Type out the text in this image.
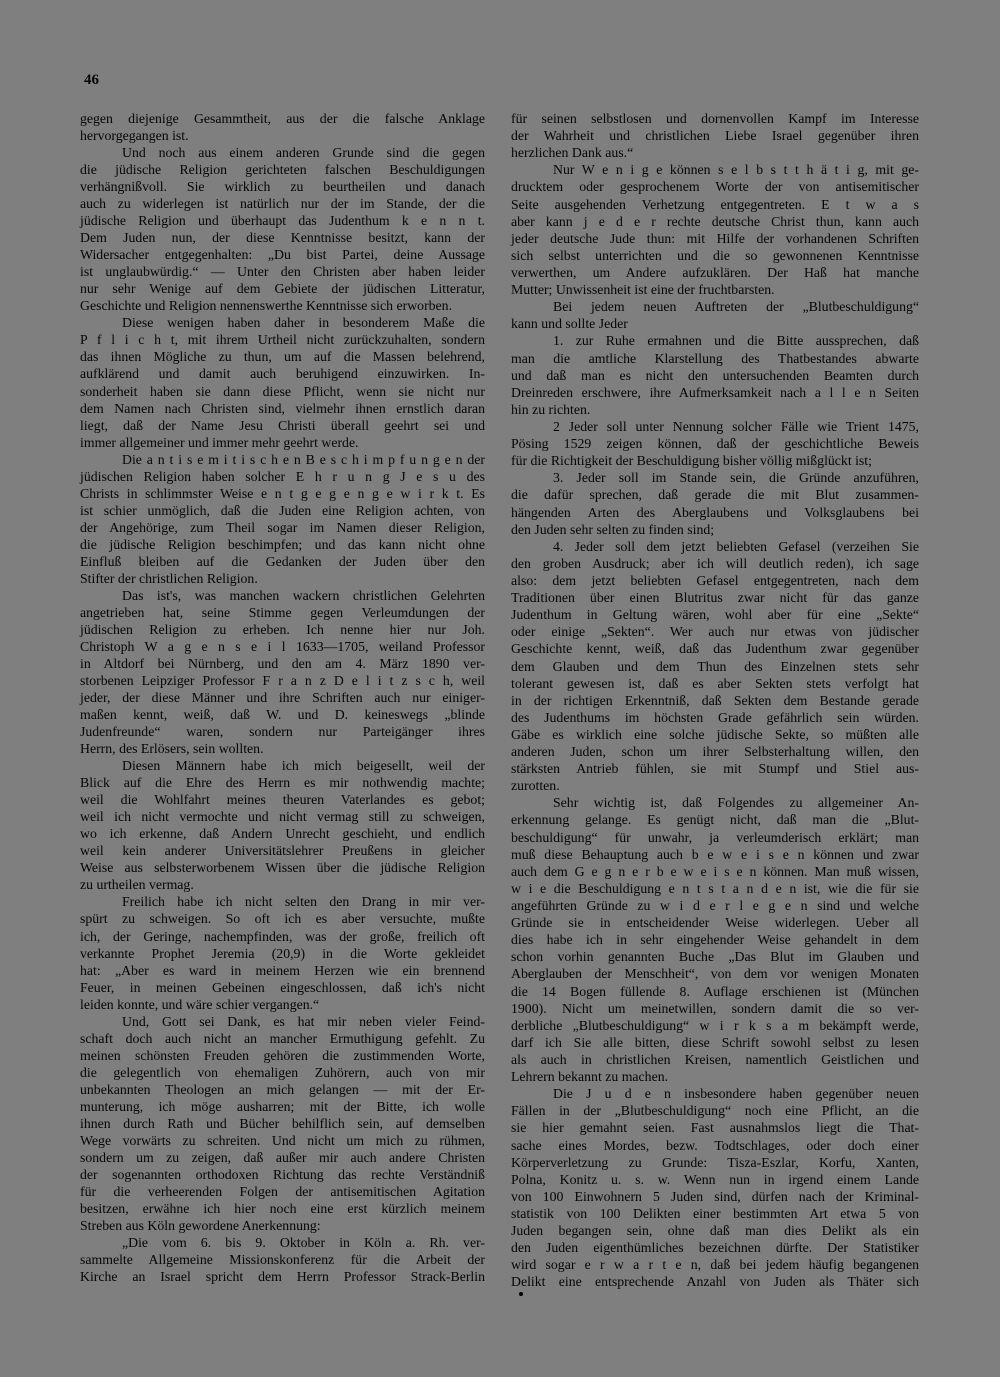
46
gegen diejenige Gesammtheit, aus der die falsche Anklage
hervorgegangen ist.
Und noch aus einem anderen Grunde sind die gegen
die jüdische Religion gerichteten falschen Beschuldigungen
verhängnißvoll. Sie wirklich zu beurtheilen und danach
auch zu widerlegen ist natürlich nur der im Stande, der die
jüdische Religion und überhaupt das Judenthum k e n n t.
Dem Juden nun, der diese Kenntnisse besitzt, kann der
Widersacher entgegenhalten: „Du bist Partei, deine Aussage
ist unglaubwürdig.“ — Unter den Christen aber haben leider
nur sehr Wenige auf dem Gebiete der jüdischen Litteratur,
Geschichte und Religion nennenswerthe Kenntnisse sich erworben.
Diese wenigen haben daher in besonderem Maße die
P f l i c h t, mit ihrem Urtheil nicht zurückzuhalten, sondern
das ihnen Mögliche zu thun, um auf die Massen belehrend,
aufklärend und damit auch beruhigend einzuwirken. In-
sonderheit haben sie dann diese Pflicht, wenn sie nicht nur
dem Namen nach Christen sind, vielmehr ihnen ernstlich daran
liegt, daß der Name Jesu Christi überall geehrt sei und
immer allgemeiner und immer mehr geehrt werde.
Die a n t i s e m i t i s c h e n B e s c h i m p f u n g e n der
jüdischen Religion haben solcher E h r u n g J e s u des
Christs in schlimmster Weise e n t g e g e n g e w i r k t. Es
ist schier unmöglich, daß die Juden eine Religion achten, von
der Angehörige, zum Theil sogar im Namen dieser Religion,
die jüdische Religion beschimpfen; und das kann nicht ohne
Einfluß bleiben auf die Gedanken der Juden über den
Stifter der christlichen Religion.
Das ist's, was manchen wackern christlichen Gelehrten
angetrieben hat, seine Stimme gegen Verleumdungen der
jüdischen Religion zu erheben. Ich nenne hier nur Joh.
Christoph W a g e n s e i l 1633—1705, weiland Professor
in Altdorf bei Nürnberg, und den am 4. März 1890 ver-
storbenen Leipziger Professor F r a n z D e l i t z s c h, weil
jeder, der diese Männer und ihre Schriften auch nur einiger-
maßen kennt, weiß, daß W. und D. keineswegs „blinde
Judenfreunde“ waren, sondern nur Parteigänger ihres
Herrn, des Erlösers, sein wollten.
Diesen Männern habe ich mich beigesellt, weil der
Blick auf die Ehre des Herrn es mir nothwendig machte;
weil die Wohlfahrt meines theuren Vaterlandes es gebot;
weil ich nicht vermochte und nicht vermag still zu schweigen,
wo ich erkenne, daß Andern Unrecht geschieht, und endlich
weil kein anderer Universitätslehrer Preußens in gleicher
Weise aus selbsterworbenem Wissen über die jüdische Religion
zu urtheilen vermag.
Freilich habe ich nicht selten den Drang in mir ver-
spürt zu schweigen. So oft ich es aber versuchte, mußte
ich, der Geringe, nachempfinden, was der große, freilich oft
verkannte Prophet Jeremia (20,9) in die Worte gekleidet
hat: „Aber es ward in meinem Herzen wie ein brennend
Feuer, in meinen Gebeinen eingeschlossen, daß ich's nicht
leiden konnte, und wäre schier vergangen.“
Und, Gott sei Dank, es hat mir neben vieler Feind-
schaft doch auch nicht an mancher Ermuthigung gefehlt. Zu
meinen schönsten Freuden gehören die zustimmenden Worte,
die gelegentlich von ehemaligen Zuhörern, auch von mir
unbekannten Theologen an mich gelangen — mit der Er-
munterung, ich möge ausharren; mit der Bitte, ich wolle
ihnen durch Rath und Bücher behilflich sein, auf demselben
Wege vorwärts zu schreiten. Und nicht um mich zu rühmen,
sondern um zu zeigen, daß außer mir auch andere Christen
der sogenannten orthodoxen Richtung das rechte Verständniß
für die verheerenden Folgen der antisemitischen Agitation
besitzen, erwähne ich hier noch eine erst kürzlich meinem
Streben aus Köln gewordene Anerkennung:
„Die vom 6. bis 9. Oktober in Köln a. Rh. ver-
sammelte Allgemeine Missionskonferenz für die Arbeit der
Kirche an Israel spricht dem Herrn Professor Strack-Berlin
für seinen selbstlosen und dornenvollen Kampf im Interesse
der Wahrheit und christlichen Liebe Israel gegenüber ihren
herzlichen Dank aus.“
Nur W e n i g e können s e l b s t t h ä t i g, mit ge-
drucktem oder gesprochenem Worte der von antisemitischer
Seite ausgehenden Verhetzung entgegentreten. E t w a s
aber kann j e d e r rechte deutsche Christ thun, kann auch
jeder deutsche Jude thun: mit Hilfe der vorhandenen Schriften
sich selbst unterrichten und die so gewonnenen Kenntnisse
verwerthen, um Andere aufzuklären. Der Haß hat manche
Mutter; Unwissenheit ist eine der fruchtbarsten.
Bei jedem neuen Auftreten der „Blutbeschuldigung“
kann und sollte Jeder
1. zur Ruhe ermahnen und die Bitte aussprechen, daß
man die amtliche Klarstellung des Thatbestandes abwarte
und daß man es nicht den untersuchenden Beamten durch
Dreinreden erschwere, ihre Aufmerksamkeit nach a l l e n Seiten
hin zu richten.
2 Jeder soll unter Nennung solcher Fälle wie Trient 1475,
Pösing 1529 zeigen können, daß der geschichtliche Beweis
für die Richtigkeit der Beschuldigung bisher völlig mißglückt ist;
3. Jeder soll im Stande sein, die Gründe anzuführen,
die dafür sprechen, daß gerade die mit Blut zusammen-
hängenden Arten des Aberglaubens und Volksglaubens bei
den Juden sehr selten zu finden sind;
4. Jeder soll dem jetzt beliebten Gefasel (verzeihen Sie
den groben Ausdruck; aber ich will deutlich reden), ich sage
also: dem jetzt beliebten Gefasel entgegentreten, nach dem
Traditionen über einen Blutritus zwar nicht für das ganze
Judenthum in Geltung wären, wohl aber für eine „Sekte“
oder einige „Sekten“. Wer auch nur etwas von jüdischer
Geschichte kennt, weiß, daß das Judenthum zwar gegenüber
dem Glauben und dem Thun des Einzelnen stets sehr
tolerant gewesen ist, daß es aber Sekten stets verfolgt hat
in der richtigen Erkenntniß, daß Sekten dem Bestande gerade
des Judenthums im höchsten Grade gefährlich sein würden.
Gäbe es wirklich eine solche jüdische Sekte, so müßten alle
anderen Juden, schon um ihrer Selbsterhaltung willen, den
stärksten Antrieb fühlen, sie mit Stumpf und Stiel aus-
zurotten.
Sehr wichtig ist, daß Folgendes zu allgemeiner An-
erkennung gelange. Es genügt nicht, daß man die „Blut-
beschuldigung“ für unwahr, ja verleumderisch erklärt; man
muß diese Behauptung auch b e w e i s e n können und zwar
auch dem G e g n e r b e w e i s e n können. Man muß wissen,
w i e die Beschuldigung e n t s t a n d e n ist, wie die für sie
angeführten Gründe zu w i d e r l e g e n sind und welche
Gründe sie in entscheidender Weise widerlegen. Ueber all
dies habe ich in sehr eingehender Weise gehandelt in dem
schon vorhin genannten Buche „Das Blut im Glauben und
Aberglauben der Menschheit“, von dem vor wenigen Monaten
die 14 Bogen füllende 8. Auflage erschienen ist (München
1900). Nicht um meinetwillen, sondern damit die so ver-
derbliche „Blutbeschuldigung“ w i r k s a m bekämpft werde,
darf ich Sie alle bitten, diese Schrift sowohl selbst zu lesen
als auch in christlichen Kreisen, namentlich Geistlichen und
Lehrern bekannt zu machen.
Die J u d e n insbesondere haben gegenüber neuen
Fällen in der „Blutbeschuldigung“ noch eine Pflicht, an die
sie hier gemahnt seien. Fast ausnahmslos liegt die That-
sache eines Mordes, bezw. Todtschlages, oder doch einer
Körperverletzung zu Grunde: Tisza-Eszlar, Korfu, Xanten,
Polna, Konitz u. s. w. Wenn nun in irgend einem Lande
von 100 Einwohnern 5 Juden sind, dürfen nach der Kriminal-
statistik von 100 Delikten einer bestimmten Art etwa 5 von
Juden begangen sein, ohne daß man dies Delikt als ein
den Juden eigenthümliches bezeichnen dürfte. Der Statistiker
wird sogar e r w a r t e n, daß bei jedem häufig begangenen
Delikt eine entsprechende Anzahl von Juden als Thäter sich
